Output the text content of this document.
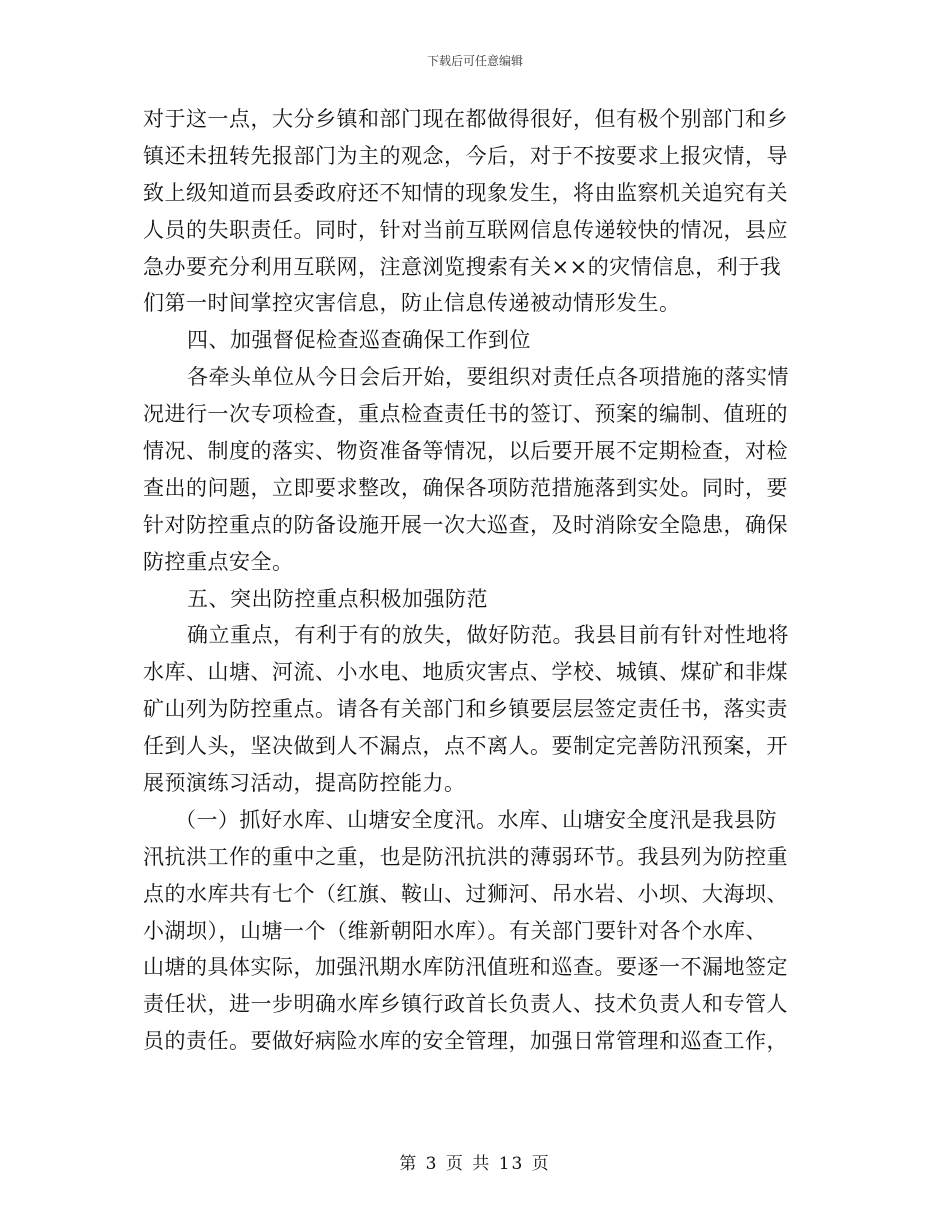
下载后可任意编辑
对于这一点，大分乡镇和部门现在都做得很好，但有极个别部门和乡
镇还未扭转先报部门为主的观念，今后，对于不按要求上报灾情，导
致上级知道而县委政府还不知情的现象发生，将由监察机关追究有关
人员的失职责任。同时，针对当前互联网信息传递较快的情况，县应
急办要充分利用互联网，注意浏览搜索有关××的灾情信息，利于我
们第一时间掌控灾害信息，防止信息传递被动情形发生。
四、加强督促检查巡查确保工作到位
各牵头单位从今日会后开始，要组织对责任点各项措施的落实情
况进行一次专项检查，重点检查责任书的签订、预案的编制、值班的
情况、制度的落实、物资准备等情况，以后要开展不定期检查，对检
查出的问题，立即要求整改，确保各项防范措施落到实处。同时，要
针对防控重点的防备设施开展一次大巡查，及时消除安全隐患，确保
防控重点安全。
五、突出防控重点积极加强防范
确立重点，有利于有的放失，做好防范。我县目前有针对性地将
水库、山塘、河流、小水电、地质灾害点、学校、城镇、煤矿和非煤
矿山列为防控重点。请各有关部门和乡镇要层层签定责任书，落实责
任到人头，坚决做到人不漏点，点不离人。要制定完善防汛预案，开
展预演练习活动，提高防控能力。
（一）抓好水库、山塘安全度汛。水库、山塘安全度汛是我县防
汛抗洪工作的重中之重，也是防汛抗洪的薄弱环节。我县列为防控重
点的水库共有七个（红旗、鞍山、过狮河、吊水岩、小坝、大海坝、
小湖坝），山塘一个（维新朝阳水库）。有关部门要针对各个水库、
山塘的具体实际，加强汛期水库防汛值班和巡查。要逐一不漏地签定
责任状，进一步明确水库乡镇行政首长负责人、技术负责人和专管人
员的责任。要做好病险水库的安全管理，加强日常管理和巡查工作，
第 3 页 共 13 页
